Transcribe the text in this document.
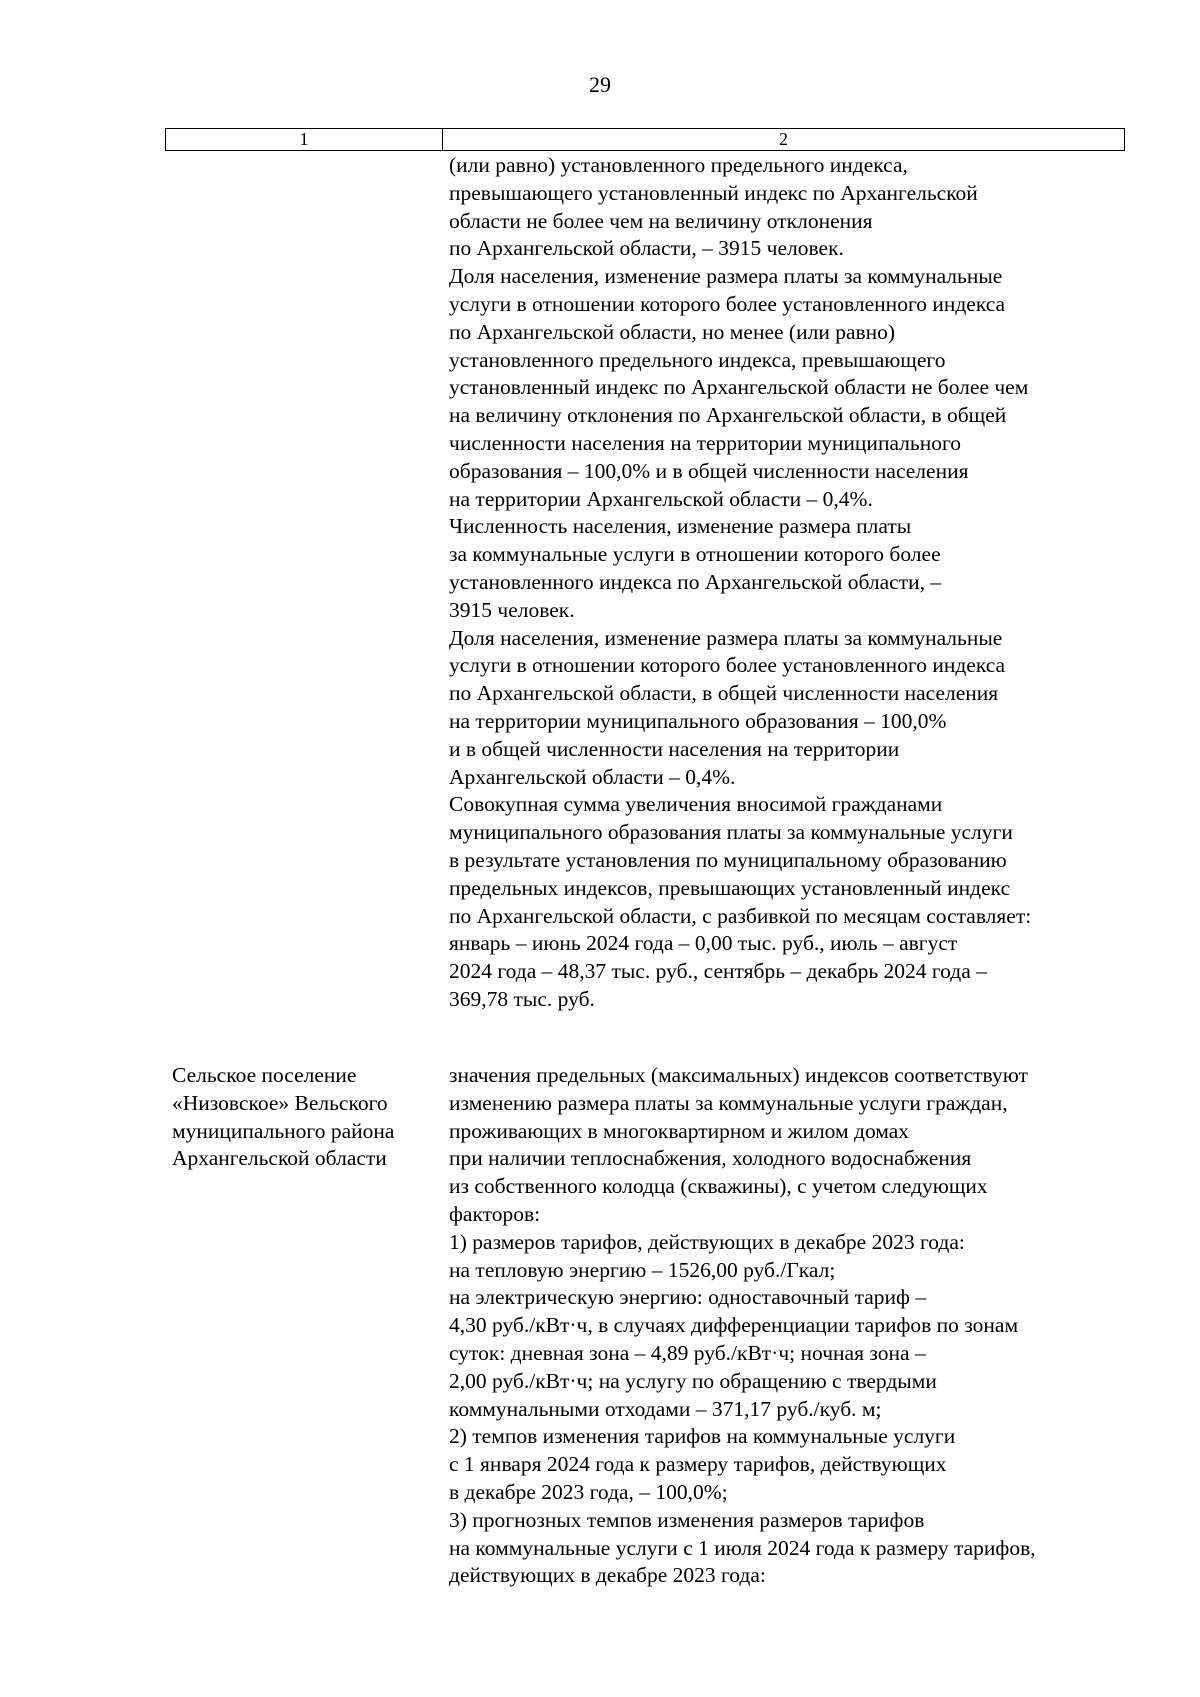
29
1	2
(или равно) установленного предельного индекса,
превышающего установленный индекс по Архангельской
области не более чем на величину отклонения
по Архангельской области, – 3915 человек.
Доля населения, изменение размера платы за коммунальные
услуги в отношении которого более установленного индекса
по Архангельской области, но менее (или равно)
установленного предельного индекса, превышающего
установленный индекс по Архангельской области не более чем
на величину отклонения по Архангельской области, в общей
численности населения на территории муниципального
образования – 100,0% и в общей численности населения
на территории Архангельской области – 0,4%.
Численность населения, изменение размера платы
за коммунальные услуги в отношении которого более
установленного индекса по Архангельской области, –
3915 человек.
Доля населения, изменение размера платы за коммунальные
услуги в отношении которого более установленного индекса
по Архангельской области, в общей численности населения
на территории муниципального образования – 100,0%
и в общей численности населения на территории
Архангельской области – 0,4%.
Совокупная сумма увеличения вносимой гражданами
муниципального образования платы за коммунальные услуги
в результате установления по муниципальному образованию
предельных индексов, превышающих установленный индекс
по Архангельской области, с разбивкой по месяцам составляет:
январь – июнь 2024 года – 0,00 тыс. руб., июль – август
2024 года – 48,37 тыс. руб., сентябрь – декабрь 2024 года –
369,78 тыс. руб.
Сельское поселение
«Низовское» Вельского
муниципального района
Архангельской области
значения предельных (максимальных) индексов соответствуют
изменению размера платы за коммунальные услуги граждан,
проживающих в многоквартирном и жилом домах
при наличии теплоснабжения, холодного водоснабжения
из собственного колодца (скважины), с учетом следующих
факторов:
1) размеров тарифов, действующих в декабре 2023 года:
на тепловую энергию – 1526,00 руб./Гкал;
на электрическую энергию: одноставочный тариф –
4,30 руб./кВт·ч, в случаях дифференциации тарифов по зонам
суток: дневная зона – 4,89 руб./кВт·ч; ночная зона –
2,00 руб./кВт·ч; на услугу по обращению с твердыми
коммунальными отходами – 371,17 руб./куб. м;
2) темпов изменения тарифов на коммунальные услуги
с 1 января 2024 года к размеру тарифов, действующих
в декабре 2023 года, – 100,0%;
3) прогнозных темпов изменения размеров тарифов
на коммунальные услуги с 1 июля 2024 года к размеру тарифов,
действующих в декабре 2023 года:
